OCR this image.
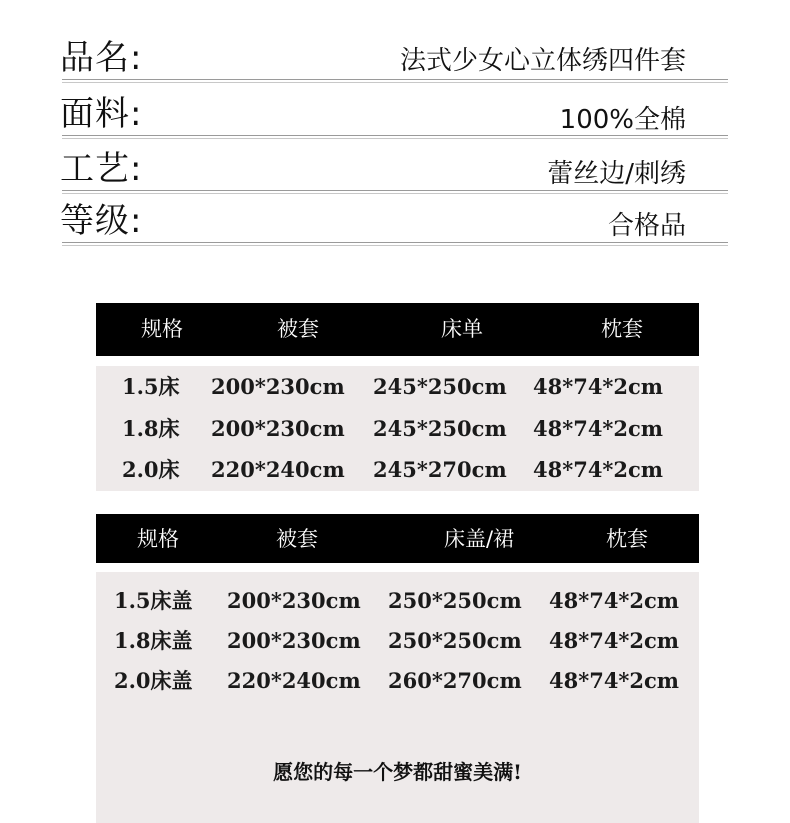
品名:	法式少女心立体绣四件套
面料:	100%全棉
工艺:	蕾丝边/刺绣
等级:	合格品
规格	被套	床单	枕套
1.5床 200*230cm 245*250cm 48*74*2cm
1.8床 200*230cm 245*250cm 48*74*2cm
2.0床 220*240cm 245*270cm 48*74*2cm
规格	被套	床盖/裙	枕套
1.5床盖 200*230cm 250*250cm 48*74*2cm
1.8床盖 200*230cm 250*250cm 48*74*2cm
2.0床盖 220*240cm 260*270cm 48*74*2cm
愿您的每一个梦都甜蜜美满!
